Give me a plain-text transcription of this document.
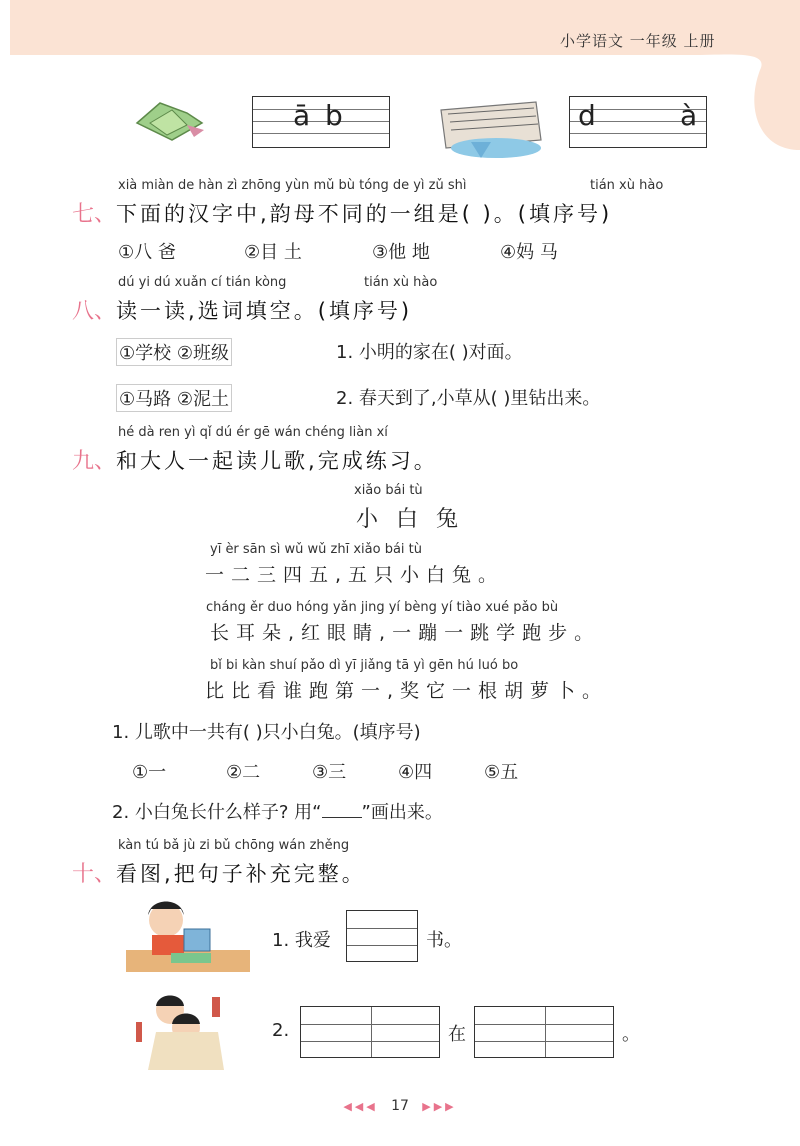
小学语文 一年级 上册
ā b	d	à
xià miàn de hàn zì zhōng yùn mǔ bù tóng de yì zǔ shì	tián xù hào
七、下面的汉字中,韵母不同的一组是( )。(填序号)
①八 爸	②目 土	③他 地	④妈 马
dú yi dú xuǎn cí tián kòng	tián xù hào
八、读一读,选词填空。(填序号)
①学校 ②班级	1. 小明的家在( )对面。
①马路 ②泥土	2. 春天到了,小草从( )里钻出来。
hé dà ren yì qǐ dú ér gē wán chéng liàn xí
九、和大人一起读儿歌,完成练习。
xiǎo bái tù
小白兔
yī èr sān sì wǔ wǔ zhī xiǎo bái tù
一二三四五,五只小白兔。
cháng ěr duo hóng yǎn jing yí bèng yí tiào xué pǎo bù
长耳朵,红眼睛,一蹦一跳学跑步。
bǐ bi kàn shuí pǎo dì yī jiǎng tā yì gēn hú luó bo
比比看谁跑第一,奖它一根胡萝卜。
1. 儿歌中一共有( )只小白兔。(填序号)
①一	②二	③三	④四	⑤五
2. 小白兔长什么样子? 用“ ”画出来。
kàn tú bǎ jù zi bǔ chōng wán zhěng
十、看图,把句子补充完整。
1. 我爱	书。
2.	在	。
◀◀◀ 17 ▶▶▶
